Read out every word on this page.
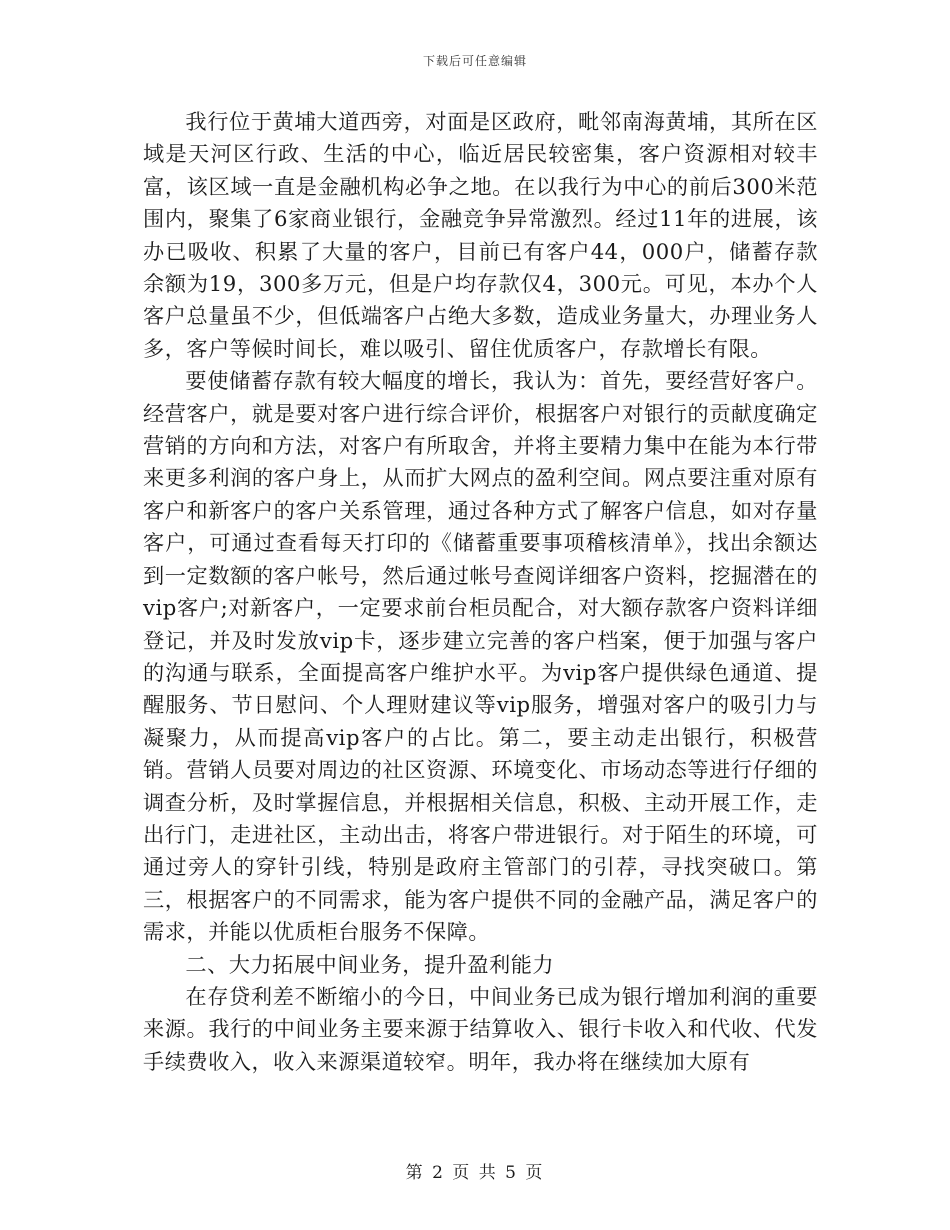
下载后可任意编辑

我行位于黄埔大道西旁，对面是区政府，毗邻南海黄埔，其所在区域是天河区行政、生活的中心，临近居民较密集，客户资源相对较丰富，该区域一直是金融机构必争之地。在以我行为中心的前后300米范围内，聚集了6家商业银行，金融竞争异常激烈。经过11年的进展，该办已吸收、积累了大量的客户，目前已有客户44，000户，储蓄存款余额为19，300多万元，但是户均存款仅4，300元。可见，本办个人客户总量虽不少，但低端客户占绝大多数，造成业务量大，办理业务人多，客户等候时间长，难以吸引、留住优质客户，存款增长有限。

要使储蓄存款有较大幅度的增长，我认为：首先，要经营好客户。经营客户，就是要对客户进行综合评价，根据客户对银行的贡献度确定营销的方向和方法，对客户有所取舍，并将主要精力集中在能为本行带来更多利润的客户身上，从而扩大网点的盈利空间。网点要注重对原有客户和新客户的客户关系管理，通过各种方式了解客户信息，如对存量客户，可通过查看每天打印的《储蓄重要事项稽核清单》，找出余额达到一定数额的客户帐号，然后通过帐号查阅详细客户资料，挖掘潜在的vip客户;对新客户，一定要求前台柜员配合，对大额存款客户资料详细登记，并及时发放vip卡，逐步建立完善的客户档案，便于加强与客户的沟通与联系，全面提高客户维护水平。为vip客户提供绿色通道、提醒服务、节日慰问、个人理财建议等vip服务，增强对客户的吸引力与凝聚力，从而提高vip客户的占比。第二，要主动走出银行，积极营销。营销人员要对周边的社区资源、环境变化、市场动态等进行仔细的调查分析，及时掌握信息，并根据相关信息，积极、主动开展工作，走出行门，走进社区，主动出击，将客户带进银行。对于陌生的环境，可通过旁人的穿针引线，特别是政府主管部门的引荐，寻找突破口。第三，根据客户的不同需求，能为客户提供不同的金融产品，满足客户的需求，并能以优质柜台服务不保障。

二、大力拓展中间业务，提升盈利能力

在存贷利差不断缩小的今日，中间业务已成为银行增加利润的重要来源。我行的中间业务主要来源于结算收入、银行卡收入和代收、代发手续费收入，收入来源渠道较窄。明年，我办将在继续加大原有

第 2 页 共 5 页
